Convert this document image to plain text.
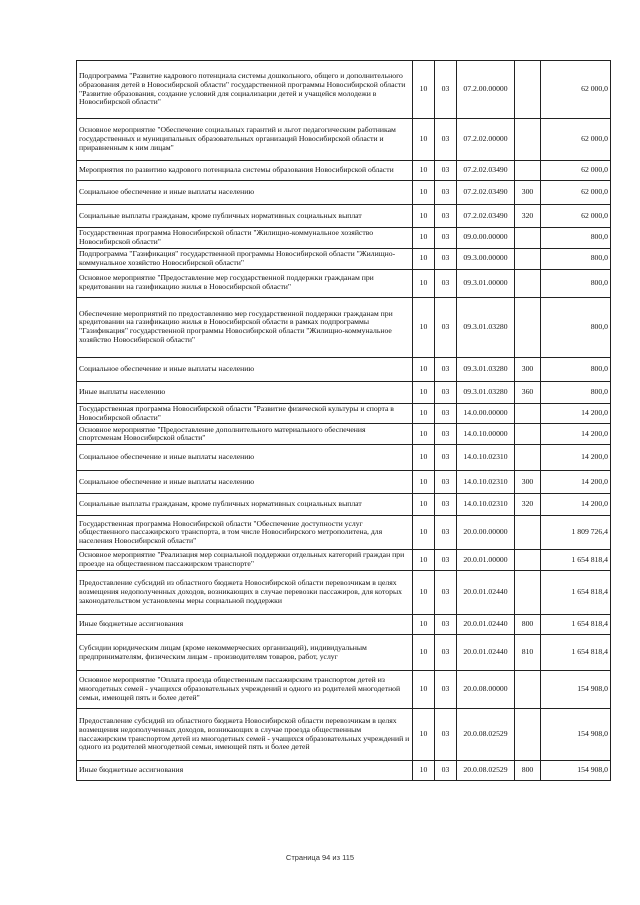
Подпрограмма "Развитие кадрового потенциала системы дошкольного, общего и дополнительного образования детей в Новосибирской области" государственной программы Новосибирской области "Развитие образования, создание условий для социализации детей и учащейся молодежи в Новосибирской области"	10	03	07.2.00.00000		62 000,0
Основное мероприятие "Обеспечение социальных гарантий и льгот педагогическим работникам государственных и муниципальных образовательных организаций Новосибирской области и приравненным к ним лицам"	10	03	07.2.02.00000		62 000,0
Мероприятия по развитию кадрового потенциала системы образования Новосибирской области	10	03	07.2.02.03490		62 000,0
Социальное обеспечение и иные выплаты населению	10	03	07.2.02.03490	300	62 000,0
Социальные выплаты гражданам, кроме публичных нормативных социальных выплат	10	03	07.2.02.03490	320	62 000,0
Государственная программа Новосибирской области "Жилищно-коммунальное хозяйство Новосибирской области"	10	03	09.0.00.00000		800,0
Подпрограмма "Газификация" государственной программы Новосибирской области "Жилищно-коммунальное хозяйство Новосибирской области"	10	03	09.3.00.00000		800,0
Основное мероприятие "Предоставление мер государственной поддержки гражданам при кредитовании на газификацию жилья в Новосибирской области"	10	03	09.3.01.00000		800,0
Обеспечение мероприятий по предоставлению мер государственной поддержки гражданам при кредитовании на газификацию жилья в Новосибирской области в рамках подпрограммы "Газификация" государственной программы Новосибирской области "Жилищно-коммунальное хозяйство Новосибирской области"	10	03	09.3.01.03280		800,0
Социальное обеспечение и иные выплаты населению	10	03	09.3.01.03280	300	800,0
Иные выплаты населению	10	03	09.3.01.03280	360	800,0
Государственная программа Новосибирской области "Развитие физической культуры и спорта в Новосибирской области"	10	03	14.0.00.00000		14 200,0
Основное мероприятие "Предоставление дополнительного материального обеспечения спортсменам Новосибирской области"	10	03	14.0.10.00000		14 200,0
Социальное обеспечение и иные выплаты населению	10	03	14.0.10.02310		14 200,0
Социальное обеспечение и иные выплаты населению	10	03	14.0.10.02310	300	14 200,0
Социальные выплаты гражданам, кроме публичных нормативных социальных выплат	10	03	14.0.10.02310	320	14 200,0
Государственная программа Новосибирской области "Обеспечение доступности услуг общественного пассажирского транспорта, в том числе Новосибирского метрополитена, для населения Новосибирской области"	10	03	20.0.00.00000		1 809 726,4
Основное мероприятие "Реализация мер социальной поддержки отдельных категорий граждан при проезде на общественном пассажирском транспорте"	10	03	20.0.01.00000		1 654 818,4
Предоставление субсидий из областного бюджета Новосибирской области перевозчикам в целях возмещения недополученных доходов, возникающих в случае перевозки пассажиров, для которых законодательством установлены меры социальной поддержки	10	03	20.0.01.02440		1 654 818,4
Иные бюджетные ассигнования	10	03	20.0.01.02440	800	1 654 818,4
Субсидии юридическим лицам (кроме некоммерческих организаций), индивидуальным предпринимателям, физическим лицам - производителям товаров, работ, услуг	10	03	20.0.01.02440	810	1 654 818,4
Основное мероприятие "Оплата проезда общественным пассажирским транспортом детей из многодетных семей - учащихся образовательных учреждений и одного из родителей многодетной семьи, имеющей пять и более детей"	10	03	20.0.08.00000		154 908,0
Предоставление субсидий из областного бюджета Новосибирской области перевозчикам в целях возмещения недополученных доходов, возникающих в случае проезда общественным пассажирским транспортом детей из многодетных семей - учащихся образовательных учреждений и одного из родителей многодетной семьи, имеющей пять и более детей	10	03	20.0.08.02529		154 908,0
Иные бюджетные ассигнования	10	03	20.0.08.02529	800	154 908,0
Страница 94 из 115
